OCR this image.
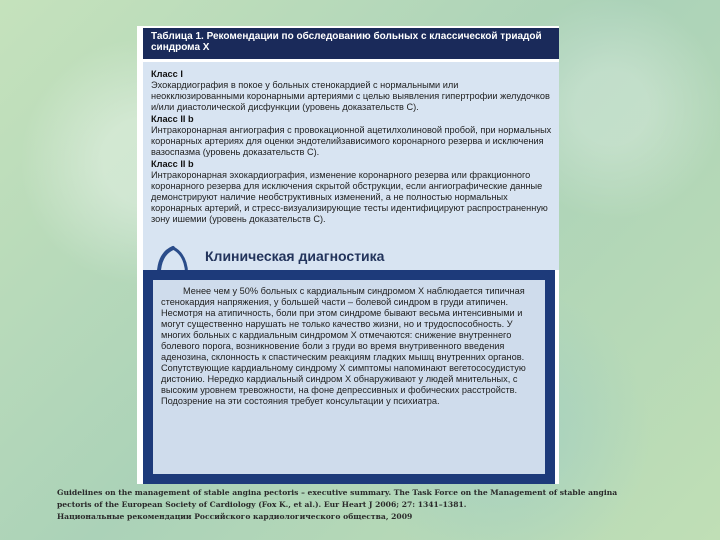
Таблица 1. Рекомендации по обследованию больных с классической триадой синдрома Х
Класс I

Эхокардиография в покое у больных стенокардией с нормальными или неокклюзированными коронарными артериями с целью выявления гипертрофии желудочков и/или диастолической дисфункции (уровень доказательств С).

Класс II b

Интракоронарная ангиография с провокационной ацетилхолиновой пробой, при нормальных коронарных артериях для оценки эндотелийзависимого коронарного резерва и исключения вазоспазма (уровень доказательств С).

Класс II b

Интракоронарная эхокардиография, изменение коронарного резерва или фракционного коронарного резерва для исключения скрытой обструкции, если ангиографические данные демонстрируют наличие необструктивных изменений, а не полностью нормальных коронарных артерий, и стресс-визуализирующие тесты идентифицируют распространенную зону ишемии (уровень доказательств С).

Клиническая диагностика

Менее чем у 50% больных с кардиальным синдромом Х наблюдается типичная стенокардия напряжения, у большей части – болевой синдром в груди атипичен. Несмотря на атипичность, боли при этом синдроме бывают весьма интенсивными и могут существенно нарушать не только качество жизни, но и трудоспособность. У многих больных с кардиальным синдромом Х отмечаются: снижение внутреннего болевого порога, возникновение боли з груди во время внутривенного введения аденозина, склонность к спастическим реакциям гладких мышц внутренних органов. Сопутствующие кардиальному синдрому Х симптомы напоминают вегетососудистую дистонию. Нередко кардиальный синдром Х обнаруживают у людей мнительных, с высоким уровнем тревожности, на фоне депрессивных и фобических расстройств. Подозрение на эти состояния требует консультации у психиатра.

Guidelines on the management of stable angina pectoris – executive summary. The Task Force on the Management of stable angina
pectoris of the European Society of Cardiology (Fox K., et al.). Eur Heart J 2006; 27: 1341–1381.
Национальные рекомендации Российского кардиологического общества, 2009
